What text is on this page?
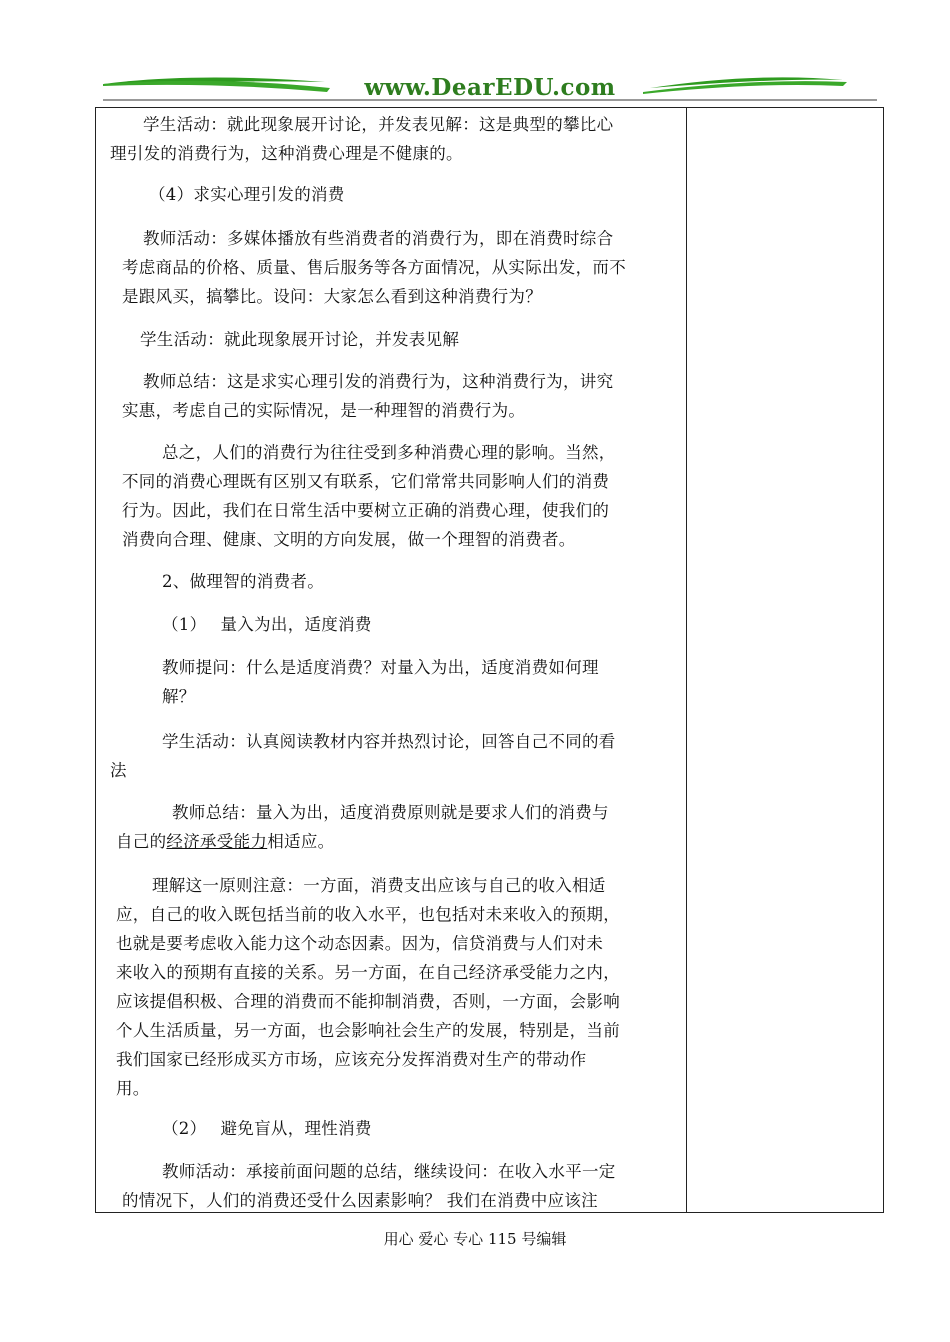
www.DearEDU.com
学生活动：就此现象展开讨论，并发表见解：这是典型的攀比心
理引发的消费行为，这种消费心理是不健康的。
（4）求实心理引发的消费
教师活动：多媒体播放有些消费者的消费行为，即在消费时综合
考虑商品的价格、质量、售后服务等各方面情况，从实际出发，而不
是跟风买，搞攀比。设问：大家怎么看到这种消费行为？
学生活动：就此现象展开讨论，并发表见解
教师总结：这是求实心理引发的消费行为，这种消费行为，讲究
实惠，考虑自己的实际情况，是一种理智的消费行为。
总之，人们的消费行为往往受到多种消费心理的影响。当然，
不同的消费心理既有区别又有联系，它们常常共同影响人们的消费
行为。因此，我们在日常生活中要树立正确的消费心理，使我们的
消费向合理、健康、文明的方向发展，做一个理智的消费者。
2、做理智的消费者。
（1）　 量入为出，适度消费
教师提问：什么是适度消费？对量入为出，适度消费如何理
解？
学生活动：认真阅读教材内容并热烈讨论，回答自己不同的看
法
教师总结：量入为出，适度消费原则就是要求人们的消费与
自己的经济承受能力相适应。
理解这一原则注意：一方面，消费支出应该与自己的收入相适
应，自己的收入既包括当前的收入水平，也包括对未来收入的预期，
也就是要考虑收入能力这个动态因素。因为，信贷消费与人们对未
来收入的预期有直接的关系。另一方面，在自己经济承受能力之内，
应该提倡积极、合理的消费而不能抑制消费，否则，一方面，会影响
个人生活质量，另一方面，也会影响社会生产的发展，特别是，当前
我们国家已经形成买方市场，应该充分发挥消费对生产的带动作
用。
（2）　 避免盲从，理性消费
教师活动：承接前面问题的总结，继续设问：在收入水平一定
的情况下，人们的消费还受什么因素影响？ 我们在消费中应该注
用心 爱心 专心 115 号编辑
